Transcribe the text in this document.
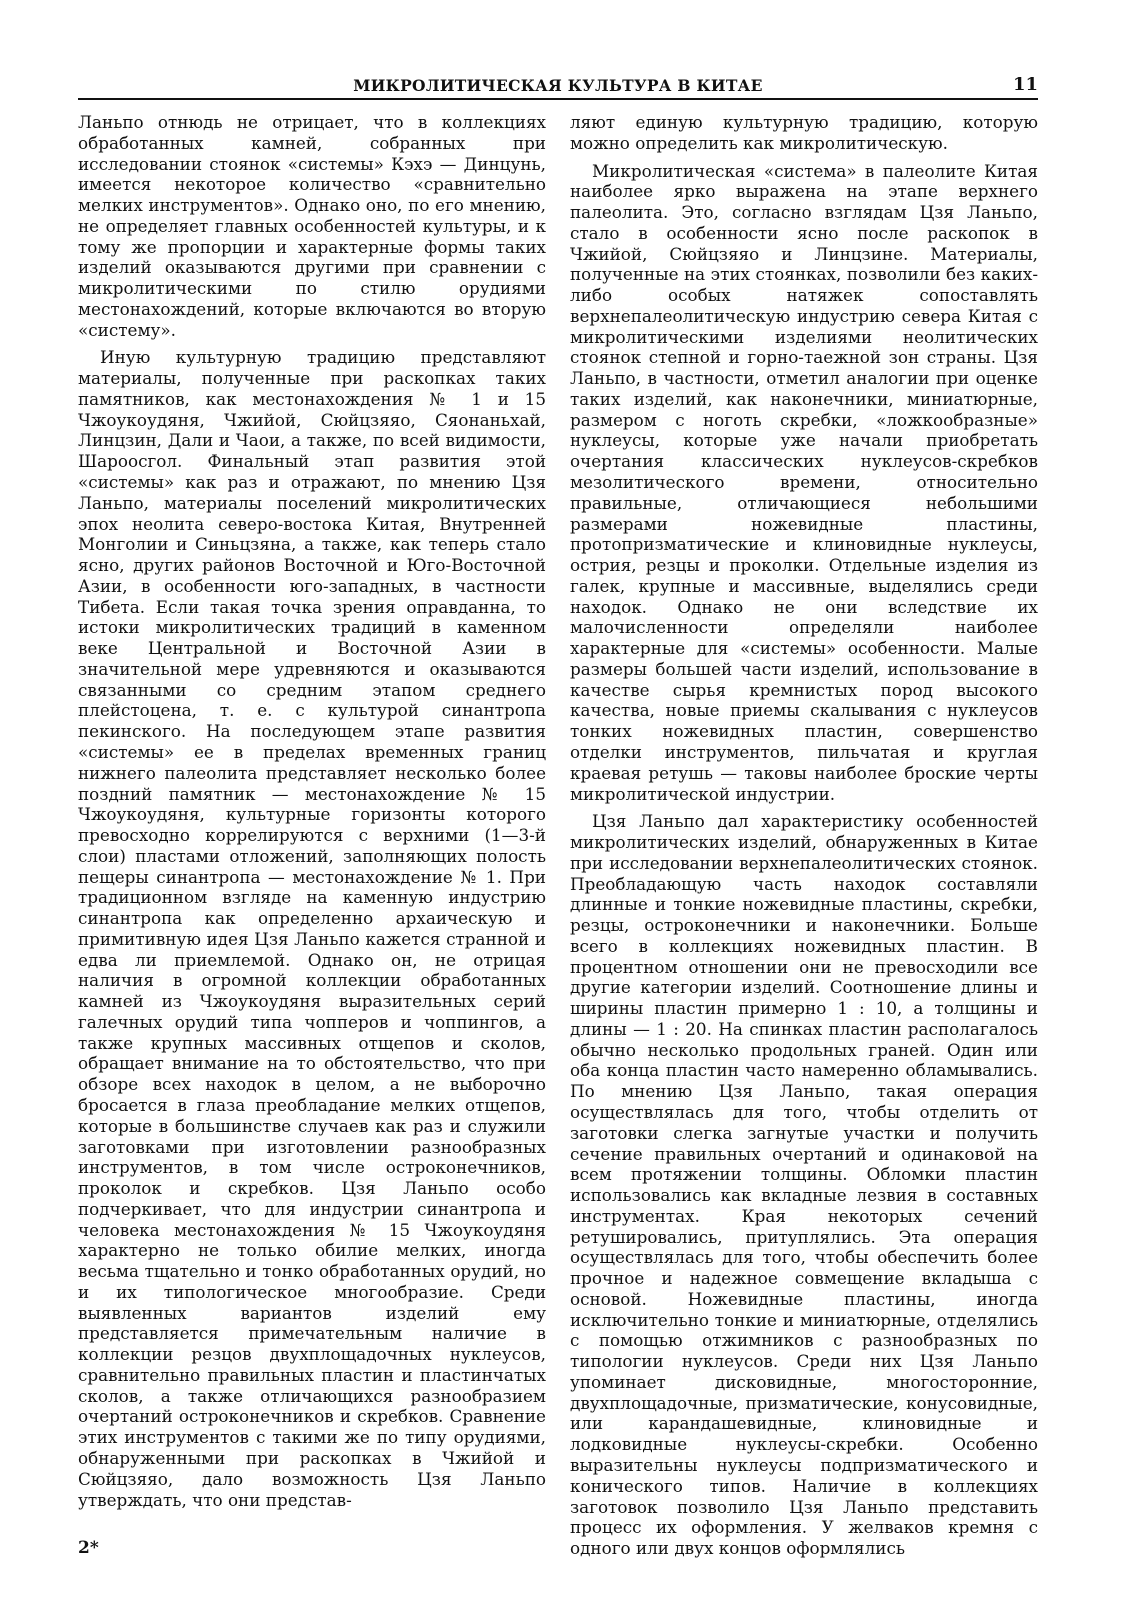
МИКРОЛИТИЧЕСКАЯ КУЛЬТУРА В КИТАЕ	11

Ланьпо отнюдь не отрицает, что в коллекциях обработанных камней, собранных при исследовании стоянок «системы» Кэхэ — Динцунь, имеется некоторое количество «сравнительно мелких инструментов». Однако оно, по его мнению, не определяет главных особенностей культуры, и к тому же пропорции и характерные формы таких изделий оказываются другими при сравнении с микролитическими по стилю орудиями местонахождений, которые включаются во вторую «систему».

Иную культурную традицию представляют материалы, полученные при раскопках таких памятников, как местонахождения № 1 и 15 Чжоукоудяня, Чжийой, Сюйцзяяо, Сяонаньхай, Линцзин, Дали и Чаои, а также, по всей видимости, Шароосгол. Финальный этап развития этой «системы» как раз и отражают, по мнению Цзя Ланьпо, материалы поселений микролитических эпох неолита северо-востока Китая, Внутренней Монголии и Синьцзяна, а также, как теперь стало ясно, других районов Восточной и Юго-Восточной Азии, в особенности юго-западных, в частности Тибета. Если такая точка зрения оправданна, то истоки микролитических традиций в каменном веке Центральной и Восточной Азии в значительной мере удревняются и оказываются связанными со средним этапом среднего плейстоцена, т. е. с культурой синантропа пекинского. На последующем этапе развития «системы» ее в пределах временных границ нижнего палеолита представляет несколько более поздний памятник — местонахождение № 15 Чжоукоудяня, культурные горизонты которого превосходно коррелируются с верхними (1—3-й слои) пластами отложений, заполняющих полость пещеры синантропа — местонахождение № 1. При традиционном взгляде на каменную индустрию синантропа как определенно архаическую и примитивную идея Цзя Ланьпо кажется странной и едва ли приемлемой. Однако он, не отрицая наличия в огромной коллекции обработанных камней из Чжоукоудяня выразительных серий галечных орудий типа чопперов и чоппингов, а также крупных массивных отщепов и сколов, обращает внимание на то обстоятельство, что при обзоре всех находок в целом, а не выборочно бросается в глаза преобладание мелких отщепов, которые в большинстве случаев как раз и служили заготовками при изготовлении разнообразных инструментов, в том числе остроконечников, проколок и скребков. Цзя Ланьпо особо подчеркивает, что для индустрии синантропа и человека местонахождения № 15 Чжоукоудяня характерно не только обилие мелких, иногда весьма тщательно и тонко обработанных орудий, но и их типологическое многообразие. Среди выявленных вариантов изделий ему представляется примечательным наличие в коллекции резцов двухплощадочных нуклеусов, сравнительно правильных пластин и пластинчатых сколов, а также отличающихся разнообразием очертаний остроконечников и скребков. Сравнение этих инструментов с такими же по типу орудиями, обнаруженными при раскопках в Чжийой и Сюйцзяяо, дало возможность Цзя Ланьпо утверждать, что они представ-

ляют единую культурную традицию, которую можно определить как микролитическую.

Микролитическая «система» в палеолите Китая наиболее ярко выражена на этапе верхнего палеолита. Это, согласно взглядам Цзя Ланьпо, стало в особенности ясно после раскопок в Чжийой, Сюйцзяяо и Линцзине. Материалы, полученные на этих стоянках, позволили без каких-либо особых натяжек сопоставлять верхнепалеолитическую индустрию севера Китая с микролитическими изделиями неолитических стоянок степной и горно-таежной зон страны. Цзя Ланьпо, в частности, отметил аналогии при оценке таких изделий, как наконечники, миниатюрные, размером с ноготь скребки, «ложкообразные» нуклеусы, которые уже начали приобретать очертания классических нуклеусов-скребков мезолитического времени, относительно правильные, отличающиеся небольшими размерами ножевидные пластины, протопризматические и клиновидные нуклеусы, острия, резцы и проколки. Отдельные изделия из галек, крупные и массивные, выделялись среди находок. Однако не они вследствие их малочисленности определяли наиболее характерные для «системы» особенности. Малые размеры большей части изделий, использование в качестве сырья кремнистых пород высокого качества, новые приемы скалывания с нуклеусов тонких ножевидных пластин, совершенство отделки инструментов, пильчатая и круглая краевая ретушь — таковы наиболее броские черты микролитической индустрии.

Цзя Ланьпо дал характеристику особенностей микролитических изделий, обнаруженных в Китае при исследовании верхнепалеолитических стоянок. Преобладающую часть находок составляли длинные и тонкие ножевидные пластины, скребки, резцы, остроконечники и наконечники. Больше всего в коллекциях ножевидных пластин. В процентном отношении они не превосходили все другие категории изделий. Соотношение длины и ширины пластин примерно 1 : 10, а толщины и длины — 1 : 20. На спинках пластин располагалось обычно несколько продольных граней. Один или оба конца пластин часто намеренно обламывались. По мнению Цзя Ланьпо, такая операция осуществлялась для того, чтобы отделить от заготовки слегка загнутые участки и получить сечение правильных очертаний и одинаковой на всем протяжении толщины. Обломки пластин использовались как вкладные лезвия в составных инструментах. Края некоторых сечений ретушировались, притуплялись. Эта операция осуществлялась для того, чтобы обеспечить более прочное и надежное совмещение вкладыша с основой. Ножевидные пластины, иногда исключительно тонкие и миниатюрные, отделялись с помощью отжимников с разнообразных по типологии нуклеусов. Среди них Цзя Ланьпо упоминает дисковидные, многосторонние, двухплощадочные, призматические, конусовидные, или карандашевидные, клиновидные и лодковидные нуклеусы-скребки. Особенно выразительны нуклеусы подпризматического и конического типов. Наличие в коллекциях заготовок позволило Цзя Ланьпо представить процесс их оформления. У желваков кремня с одного или двух концов оформлялись

2*
